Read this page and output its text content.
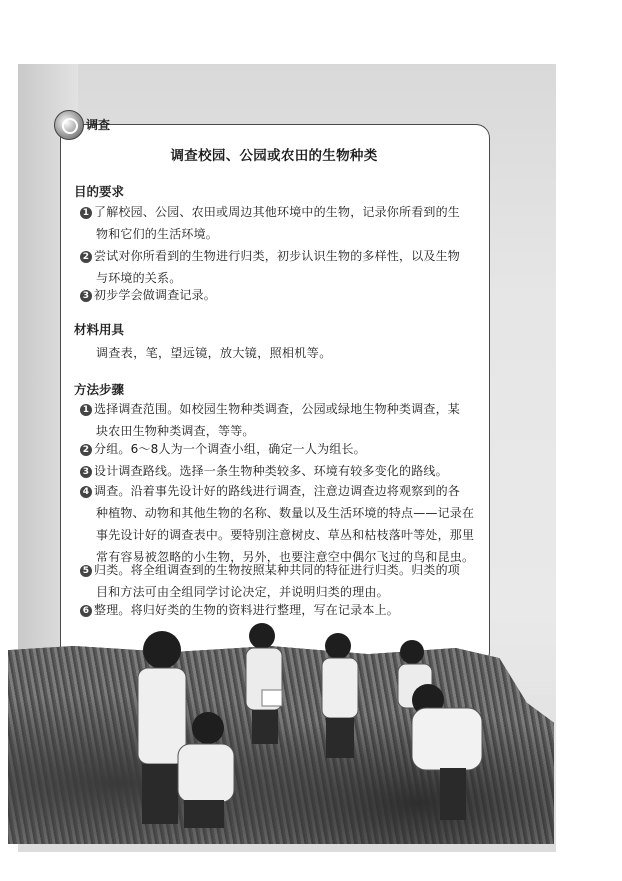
调查
调查校园、公园或农田的生物种类
目的要求
1 了解校园、公园、农田或周边其他环境中的生物，记录你所看到的生
物和它们的生活环境。
2 尝试对你所看到的生物进行归类，初步认识生物的多样性，以及生物
与环境的关系。
3 初步学会做调查记录。
材料用具
调查表，笔，望远镜，放大镜，照相机等。
方法步骤
1 选择调查范围。如校园生物种类调查，公园或绿地生物种类调查，某
块农田生物种类调查，等等。
2 分组。6～8人为一个调查小组，确定一人为组长。
3 设计调查路线。选择一条生物种类较多、环境有较多变化的路线。
4 调查。沿着事先设计好的路线进行调查，注意边调查边将观察到的各
种植物、动物和其他生物的名称、数量以及生活环境的特点——记录在
事先设计好的调查表中。要特别注意树皮、草丛和枯枝落叶等处，那里
常有容易被忽略的小生物，另外，也要注意空中偶尔飞过的鸟和昆虫。
5 归类。将全组调查到的生物按照某种共同的特征进行归类。归类的项
目和方法可由全组同学讨论决定，并说明归类的理由。
6 整理。将归好类的生物的资料进行整理，写在记录本上。
